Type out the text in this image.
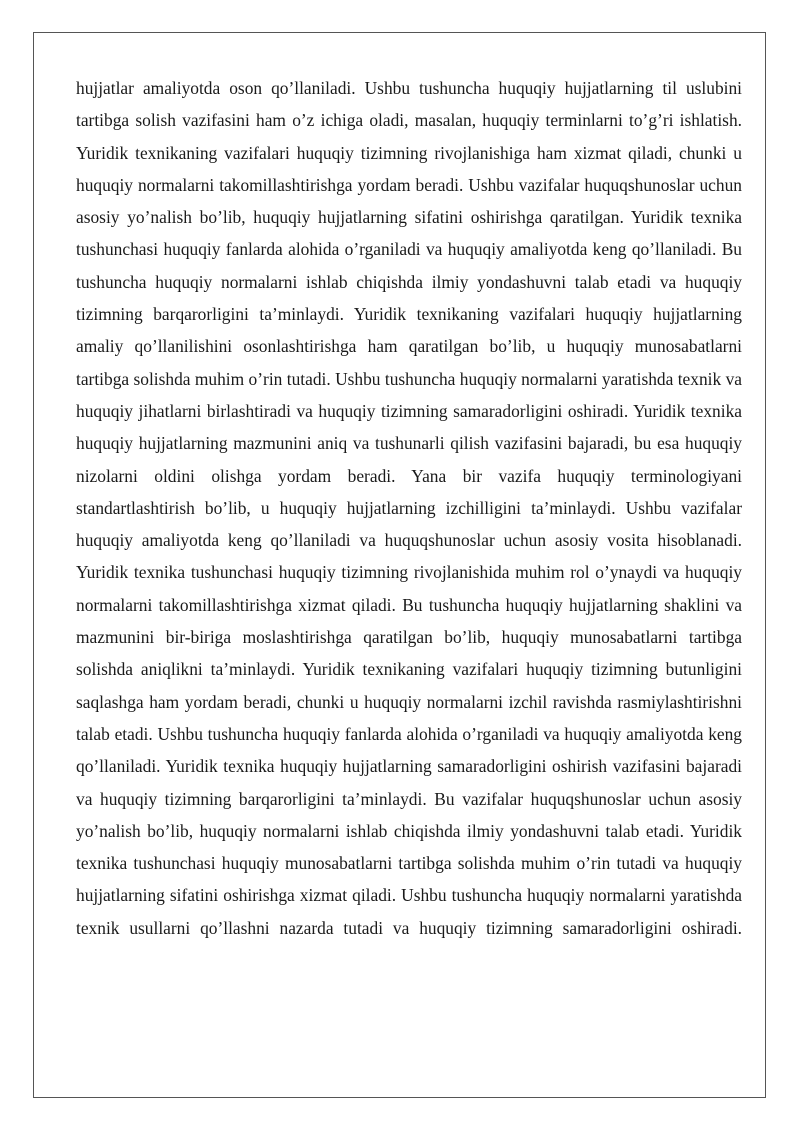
hujjatlar amaliyotda oson qo’llaniladi. Ushbu tushuncha huquqiy hujjatlarning til uslubini tartibga solish vazifasini ham o’z ichiga oladi, masalan, huquqiy terminlarni to’g’ri ishlatish. Yuridik texnikaning vazifalari huquqiy tizimning rivojlanishiga ham xizmat qiladi, chunki u huquqiy normalarni takomillashtirishga yordam beradi. Ushbu vazifalar huquqshunoslar uchun asosiy yo’nalish bo’lib, huquqiy hujjatlarning sifatini oshirishga qaratilgan. Yuridik texnika tushunchasi huquqiy fanlarda alohida o’rganiladi va huquqiy amaliyotda keng qo’llaniladi. Bu tushuncha huquqiy normalarni ishlab chiqishda ilmiy yondashuvni talab etadi va huquqiy tizimning barqarorligini ta’minlaydi. Yuridik texnikaning vazifalari huquqiy hujjatlarning amaliy qo’llanilishini osonlashtirishga ham qaratilgan bo’lib, u huquqiy munosabatlarni tartibga solishda muhim o’rin tutadi. Ushbu tushuncha huquqiy normalarni yaratishda texnik va huquqiy jihatlarni birlashtiradi va huquqiy tizimning samaradorligini oshiradi. Yuridik texnika huquqiy hujjatlarning mazmunini aniq va tushunarli qilish vazifasini bajaradi, bu esa huquqiy nizolarni oldini olishga yordam beradi. Yana bir vazifa huquqiy terminologiyani standartlashtirish bo’lib, u huquqiy hujjatlarning izchilligini ta’minlaydi. Ushbu vazifalar huquqiy amaliyotda keng qo’llaniladi va huquqshunoslar uchun asosiy vosita hisoblanadi. Yuridik texnika tushunchasi huquqiy tizimning rivojlanishida muhim rol o’ynaydi va huquqiy normalarni takomillashtirishga xizmat qiladi. Bu tushuncha huquqiy hujjatlarning shaklini va mazmunini bir-biriga moslashtirishga qaratilgan bo’lib, huquqiy munosabatlarni tartibga solishda aniqlikni ta’minlaydi. Yuridik texnikaning vazifalari huquqiy tizimning butunligini saqlashga ham yordam beradi, chunki u huquqiy normalarni izchil ravishda rasmiylashtirishni talab etadi. Ushbu tushuncha huquqiy fanlarda alohida o’rganiladi va huquqiy amaliyotda keng qo’llaniladi. Yuridik texnika huquqiy hujjatlarning samaradorligini oshirish vazifasini bajaradi va huquqiy tizimning barqarorligini ta’minlaydi. Bu vazifalar huquqshunoslar uchun asosiy yo’nalish bo’lib, huquqiy normalarni ishlab chiqishda ilmiy yondashuvni talab etadi. Yuridik texnika tushunchasi huquqiy munosabatlarni tartibga solishda muhim o’rin tutadi va huquqiy hujjatlarning sifatini oshirishga xizmat qiladi. Ushbu tushuncha huquqiy normalarni yaratishda texnik usullarni qo’llashni nazarda tutadi va huquqiy tizimning samaradorligini oshiradi.
